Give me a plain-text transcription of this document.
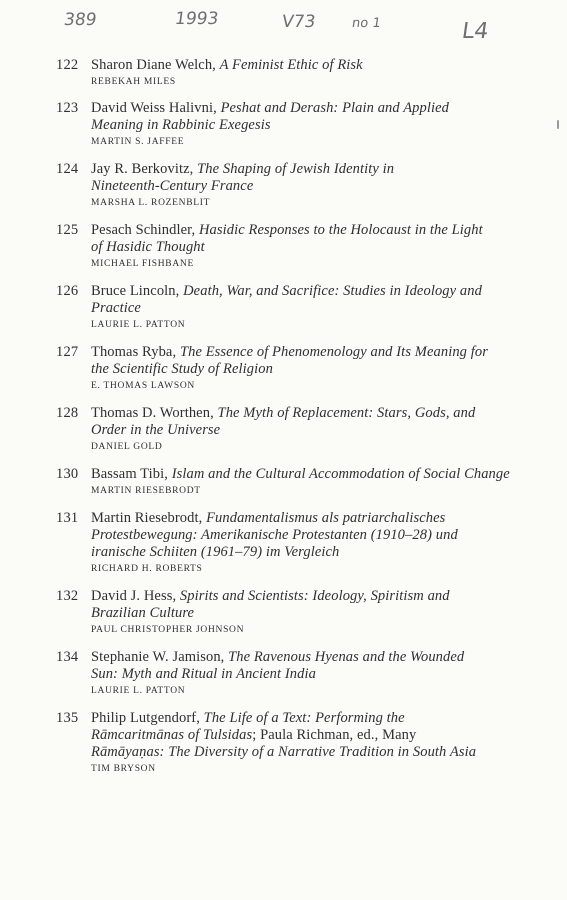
389	1993	V73	no 1	L4
122 Sharon Diane Welch, A Feminist Ethic of Risk
REBEKAH MILES
123 David Weiss Halivni, Peshat and Derash: Plain and Applied
Meaning in Rabbinic Exegesis
MARTIN S. JAFFEE
124 Jay R. Berkovitz, The Shaping of Jewish Identity in
Nineteenth-Century France
MARSHA L. ROZENBLIT
125 Pesach Schindler, Hasidic Responses to the Holocaust in the Light
of Hasidic Thought
MICHAEL FISHBANE
126 Bruce Lincoln, Death, War, and Sacrifice: Studies in Ideology and
Practice
LAURIE L. PATTON
127 Thomas Ryba, The Essence of Phenomenology and Its Meaning for
the Scientific Study of Religion
E. THOMAS LAWSON
128 Thomas D. Worthen, The Myth of Replacement: Stars, Gods, and
Order in the Universe
DANIEL GOLD
130 Bassam Tibi, Islam and the Cultural Accommodation of Social Change
MARTIN RIESEBRODT
131 Martin Riesebrodt, Fundamentalismus als patriarchalisches
Protestbewegung: Amerikanische Protestanten (1910–28) und
iranische Schiiten (1961–79) im Vergleich
RICHARD H. ROBERTS
132 David J. Hess, Spirits and Scientists: Ideology, Spiritism and
Brazilian Culture
PAUL CHRISTOPHER JOHNSON
134 Stephanie W. Jamison, The Ravenous Hyenas and the Wounded
Sun: Myth and Ritual in Ancient India
LAURIE L. PATTON
135 Philip Lutgendorf, The Life of a Text: Performing the
Rāmcaritmānas of Tulsidas; Paula Richman, ed., Many
Rāmāyaṇas: The Diversity of a Narrative Tradition in South Asia
TIM BRYSON
